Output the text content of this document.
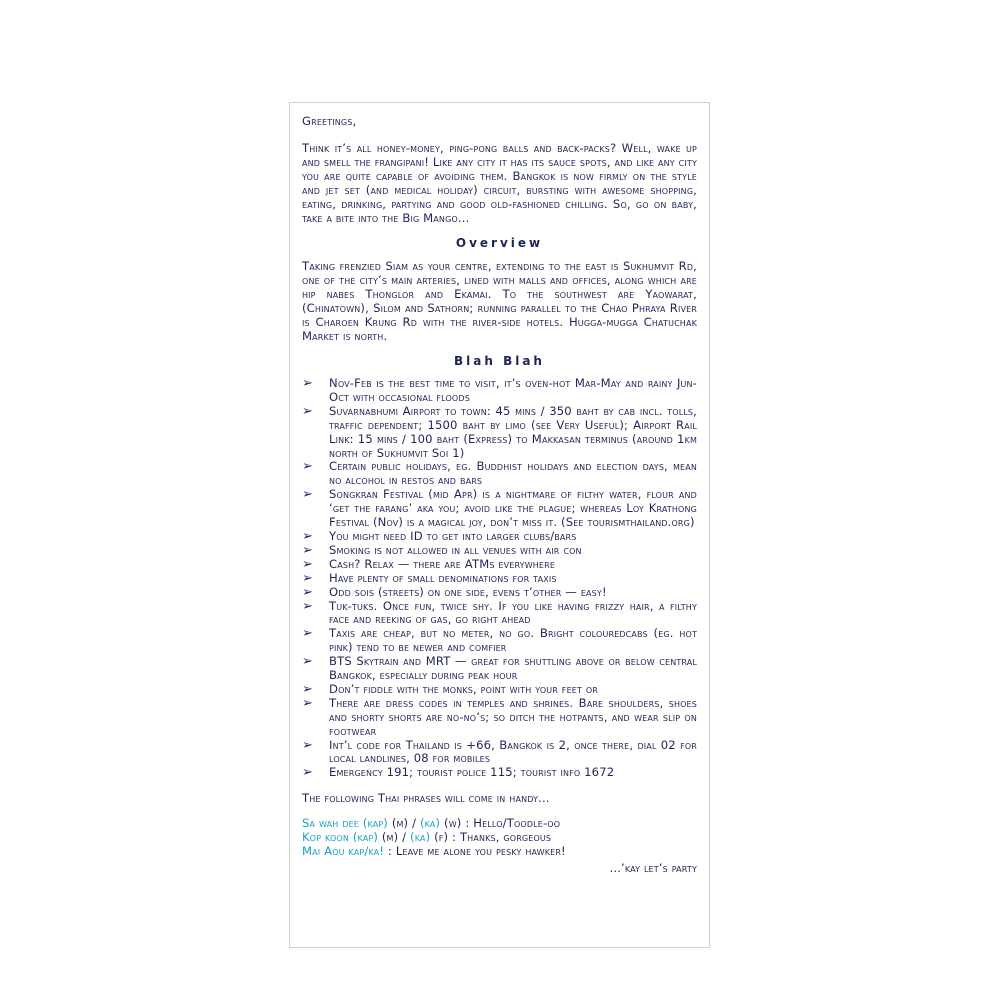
Greetings,

Think it’s all honey-money, ping-pong balls and back-packs? Well, wake up and smell the frangipani! Like any city it has its sauce spots, and like any city you are quite capable of avoiding them. Bangkok is now firmly on the style and jet set (and medical holiday) circuit, bursting with awesome shopping, eating, drinking, partying and good old-fashioned chilling. So, go on baby, take a bite into the Big Mango...

Overview

Taking frenzied Siam as your centre, extending to the east is Sukhumvit Rd, one of the city’s main arteries, lined with malls and offices, along which are hip nabes Thonglor and Ekamai. To the southwest are Yaowarat, (Chinatown), Silom and Sathorn; running parallel to the Chao Phraya River is Charoen Krung Rd with the river-side hotels. Hugga-mugga Chatuchak Market is north.

Blah Blah
➢	Nov-Feb is the best time to visit, it’s oven-hot Mar-May and rainy Jun-Oct with occasional floods
➢	Suvarnabhumi Airport to town: 45 mins / 350 baht by cab incl. tolls, traffic dependent; 1500 baht by limo (see Very Useful); Airport Rail Link: 15 mins / 100 baht (Express) to Makkasan terminus (around 1km north of Sukhumvit Soi 1)
➢	Certain public holidays, eg. Buddhist holidays and election days, mean no alcohol in restos and bars
➢	Songkran Festival (mid Apr) is a nightmare of filthy water, flour and ‘get the farang’ aka you; avoid like the plague; whereas Loy Krathong Festival (Nov) is a magical joy, don’t miss it. (See tourismthailand.org)
➢	You might need ID to get into larger clubs/bars
➢	Smoking is not allowed in all venues with air con
➢	Cash? Relax — there are ATMs everywhere
➢	Have plenty of small denominations for taxis
➢	Odd sois (streets) on one side, evens t’other — easy!
➢	Tuk-tuks. Once fun, twice shy. If you like having frizzy hair, a filthy face and reeking of gas, go right ahead
➢	Taxis are cheap, but no meter, no go. Bright colouredcabs (eg. hot pink) tend to be newer and comfier
➢	BTS Skytrain and MRT — great for shuttling above or below central Bangkok, especially during peak hour
➢	Don’t fiddle with the monks, point with your feet or
➢	There are dress codes in temples and shrines. Bare shoulders, shoes and shorty shorts are no-no’s; so ditch the hotpants, and wear slip on footwear
➢	Int’l code for Thailand is +66, Bangkok is 2, once there, dial 02 for local landlines, 08 for mobiles
➢	Emergency 191; tourist police 115; tourist info 1672

The following Thai phrases will come in handy...

Sa wah dee (kap) (m) / (ka) (w) : Hello/Toodle-oo
Kop koon (kap) (m) / (ka) (f) : Thanks, gorgeous
Mai Aou kap/ka! : Leave me alone you pesky hawker!
...’kay let’s party
